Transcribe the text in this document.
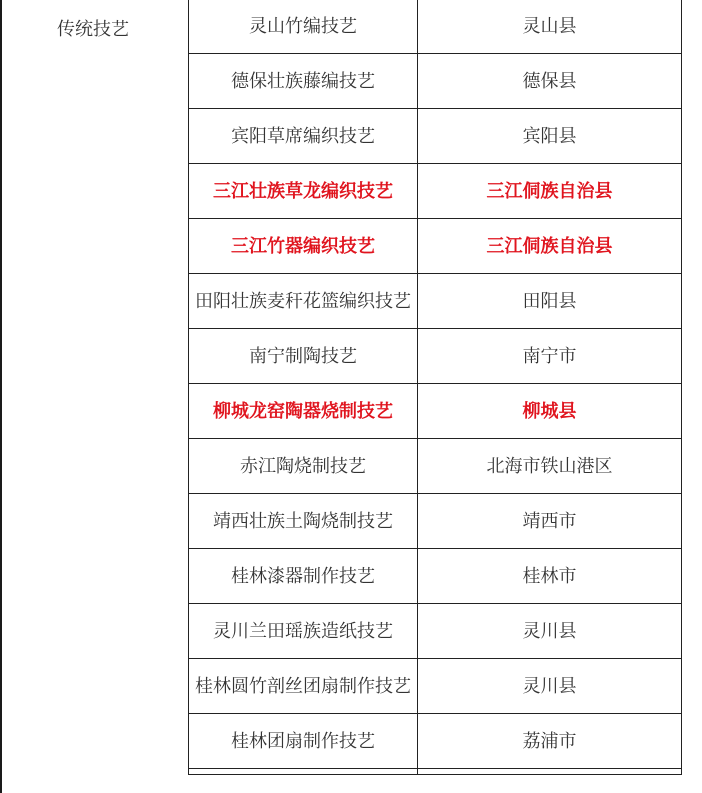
传统技艺	灵山竹编技艺	灵山县
德保壮族藤编技艺	德保县
宾阳草席编织技艺	宾阳县
三江壮族草龙编织技艺	三江侗族自治县
三江竹器编织技艺	三江侗族自治县
田阳壮族麦秆花篮编织技艺	田阳县
南宁制陶技艺	南宁市
柳城龙窑陶器烧制技艺	柳城县
赤江陶烧制技艺	北海市铁山港区
靖西壮族土陶烧制技艺	靖西市
桂林漆器制作技艺	桂林市
灵川兰田瑶族造纸技艺	灵川县
桂林圆竹剖丝团扇制作技艺	灵川县
桂林团扇制作技艺	荔浦市
